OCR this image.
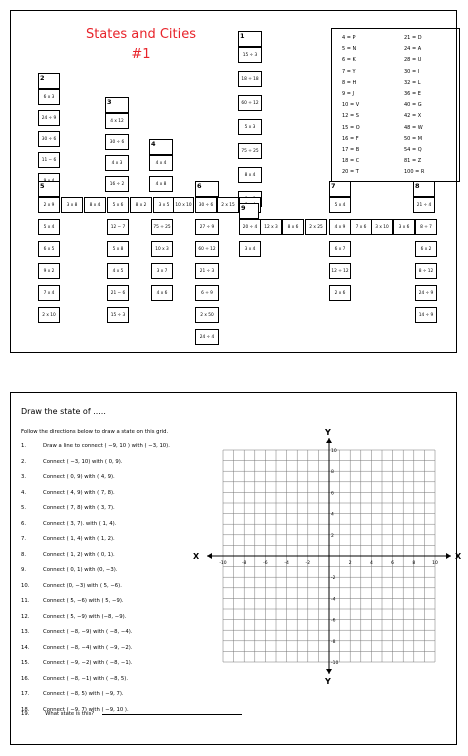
States and Cities
#1
1
15 ÷ 3
18 ÷ 18
60 ÷ 12
5 x 3
75 ÷ 25
8 x 4
2
6 x 3
24 ÷ 9
30 ÷ 6
11 − 6
3
4 x 12
30 ÷ 6
4 x 3
16 ÷ 2
4
4 x 4
4 x 8
5
2 x 9	3 x 8	8 x 4	5 x 6	8 x 2	3 x 5 10 x 10 30 ÷ 6 2 x 15
6	7	8
5 x 4	21 ÷ 4
9
20 ÷ 4 12 x 3 8 x 6	2 x 25	4 x 9 7 x 6 3 x 10 3 x 6 8 ÷ 7
5 x 4
6 x 5
9 x 2
7 x 4
2 x 10
12 − 7
5 x 8
4 x 5
21 − 6
15 ÷ 3
75 ÷ 25
10 x 3
3 x 7
4 x 6
27 ÷ 9
60 ÷ 12
21 ÷ 3
6 ÷ 9
2 x 50
24 ÷ 4
3 x 4	6 x 7
12 ÷ 12
2 x 6
6 x 2
8 ÷ 12
24 ÷ 9
14 ÷ 9
4 = P
5 = N
6 = K
7 = Y
8 = H
9 = J
10 = V
12 = S
15 = O
16 = F
17 = B
18 = C
20 = T
21 = D
24 = A
28 = U
30 = I
32 = L
36 = E
40 = G
42 = X
48 = W
50 = M
54 = Q
81 = Z
100 = R
Draw the state of .....
Follow the directions below to draw a state on this grid.
1.	Draw a line to connect ( −9, 10 ) with ( −3, 10).
2.	Connect ( −3, 10) with ( 0, 9).
3.	Connect ( 0, 9) with ( 4, 9).
4.	Connect ( 4, 9) with ( 7, 8).
5.	Connect ( 7, 8) with ( 3, 7).
6.	Connect ( 3, 7). with ( 1, 4).
7.	Connect ( 1, 4) with ( 1, 2).
8.	Connect ( 1, 2) with ( 0, 1).
9.	Connect ( 0, 1) with (0, −3).
10.	Connect (0, −3) with ( 5, −6).
11.	Connect ( 5, −6) with ( 5, −9).
12.	Connect ( 5, −9) with (−8, −9).
13.	Connect ( −8, −9) with ( −8, −4).
14.	Connect ( −8, −4) with ( −9, −2).
15.	Connect ( −9, −2) with ( −8, −1).
16.	Connect ( −8, −1) with ( −8, 5).
17.	Connect ( −8, 5) with ( −9, 7).
18.	Connect ( −9, 7) with ( −9, 10 ).
19.	What state is this?
X	X
Y
Y
-10	-8	-6	-4	-2	2	4	6	8	10
10
8
6
4
2
-2
-4
-6
-8
-10
